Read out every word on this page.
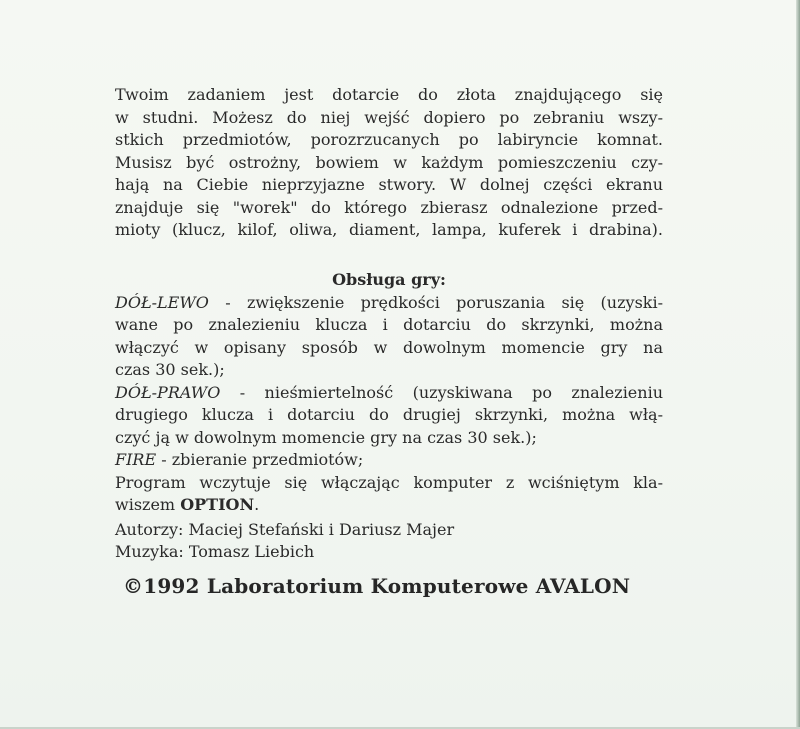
Twoim zadaniem jest dotarcie do złota znajdującego się
w studni. Możesz do niej wejść dopiero po zebraniu wszy-
stkich przedmiotów, porozrzucanych po labiryncie komnat.
Musisz być ostrożny, bowiem w każdym pomieszczeniu czy-
hają na Ciebie nieprzyjazne stwory. W dolnej części ekranu
znajduje się "worek" do którego zbierasz odnalezione przed-
mioty (klucz, kilof, oliwa, diament, lampa, kuferek i drabina).
Obsługa gry:
DÓŁ-LEWO - zwiększenie prędkości poruszania się (uzyski-
wane po znalezieniu klucza i dotarciu do skrzynki, można
włączyć w opisany sposób w dowolnym momencie gry na
czas 30 sek.);
DÓŁ-PRAWO - nieśmiertelność (uzyskiwana po znalezieniu
drugiego klucza i dotarciu do drugiej skrzynki, można włą-
czyć ją w dowolnym momencie gry na czas 30 sek.);
FIRE - zbieranie przedmiotów;
Program wczytuje się włączając komputer z wciśniętym kla-
wiszem OPTION.
Autorzy: Maciej Stefański i Dariusz Majer
Muzyka: Tomasz Liebich
©1992 Laboratorium Komputerowe AVALON
